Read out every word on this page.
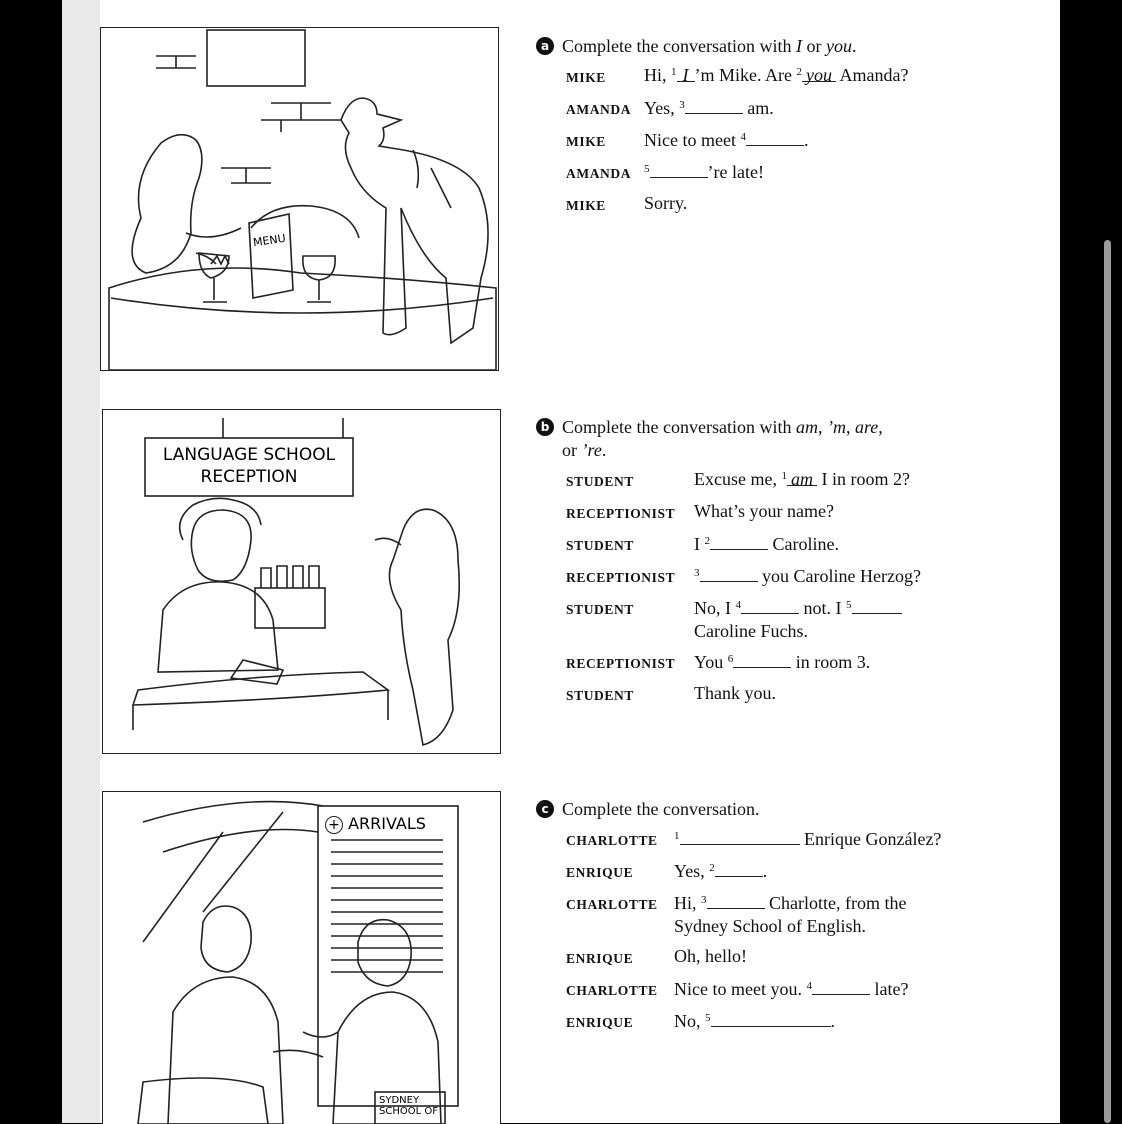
MENU
LANGUAGE SCHOOL
RECEPTION
+ ARRIVALS
SYDNEY
SCHOOL OF
a Complete the conversation with I or you.
MIKE	Hi, $^1$ I ’m Mike. Are $^2$ you Amanda?
AMANDA Yes, $^3$	am.
MIKE	Nice to meet $^4$	.
AMANDA	$^5$	’re late!
MIKE	Sorry.
b Complete the conversation with am, ’m, are,
or ’re.
STUDENT	Excuse me, $^1$ am I in room 2?
RECEPTIONIST	What’s your name?
STUDENT	I $^2$	Caroline.
RECEPTIONIST	$^3$	you Caroline Herzog?
STUDENT	No, I $^4$	not. I $^5$ Caroline Fuchs.
RECEPTIONIST	You $^6$	in room 3.
STUDENT	Thank you.
c Complete the conversation.
CHARLOTTE	$^1$	Enrique González?
ENRIQUE	Yes, $^2$	.
CHARLOTTE Hi, $^3$	Charlotte, from the Sydney School of English.
ENRIQUE	Oh, hello!
CHARLOTTE Nice to meet you. $^4$	late?
ENRIQUE	No, $^5$	.
